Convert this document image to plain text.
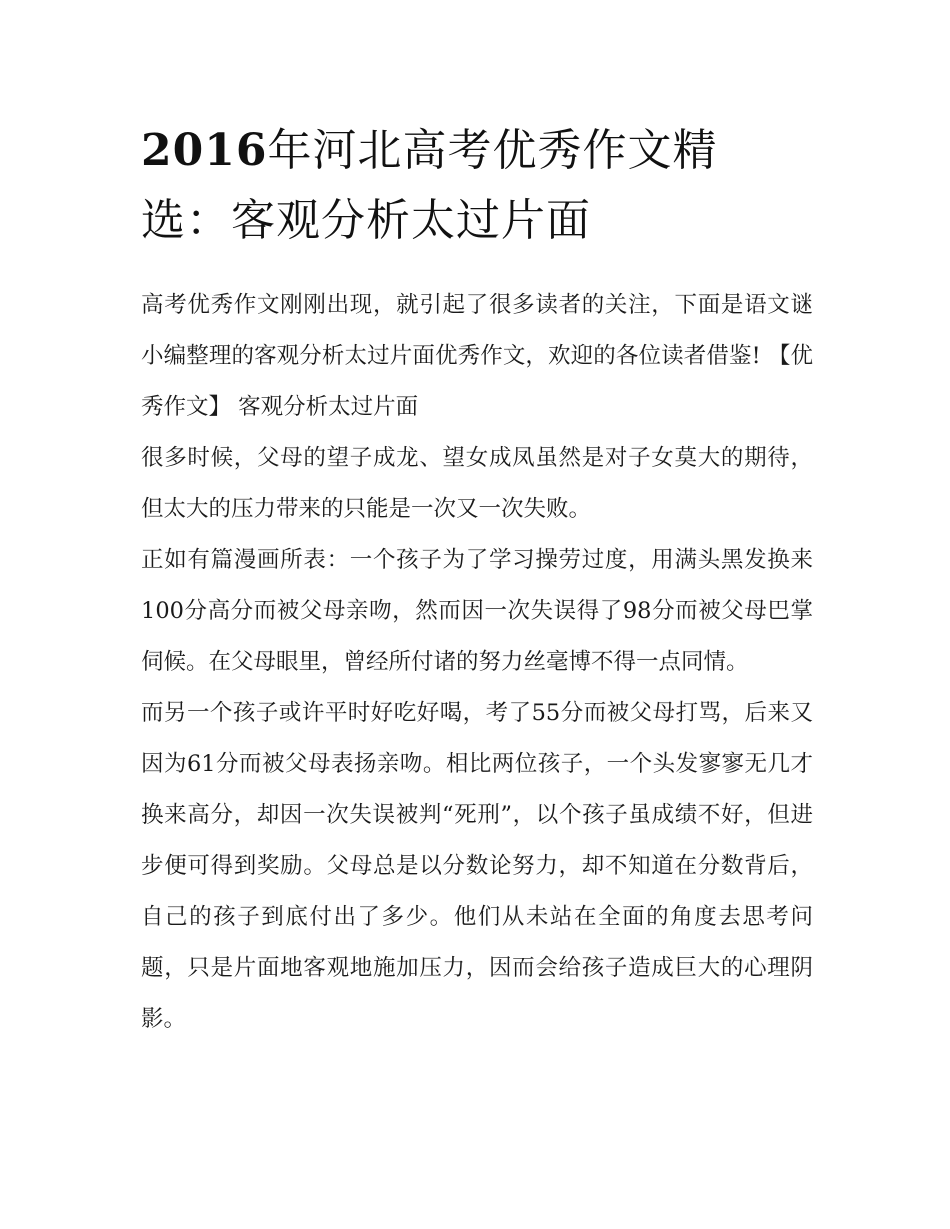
2016年河北高考优秀作文精
选：客观分析太过片面

高考优秀作文刚刚出现，就引起了很多读者的关注，下面是语文谜小编整理的客观分析太过片面优秀作文，欢迎的各位读者借鉴! 【优秀作文】 客观分析太过片面

很多时候，父母的望子成龙、望女成凤虽然是对子女莫大的期待，但太大的压力带来的只能是一次又一次失败。

正如有篇漫画所表：一个孩子为了学习操劳过度，用满头黑发换来100分高分而被父母亲吻，然而因一次失误得了98分而被父母巴掌伺候。在父母眼里，曾经所付诸的努力丝毫博不得一点同情。

而另一个孩子或许平时好吃好喝，考了55分而被父母打骂，后来又因为61分而被父母表扬亲吻。相比两位孩子，一个头发寥寥无几才换来高分，却因一次失误被判“死刑”，以个孩子虽成绩不好，但进步便可得到奖励。父母总是以分数论努力，却不知道在分数背后，自己的孩子到底付出了多少。他们从未站在全面的角度去思考问题，只是片面地客观地施加压力，因而会给孩子造成巨大的心理阴影。
